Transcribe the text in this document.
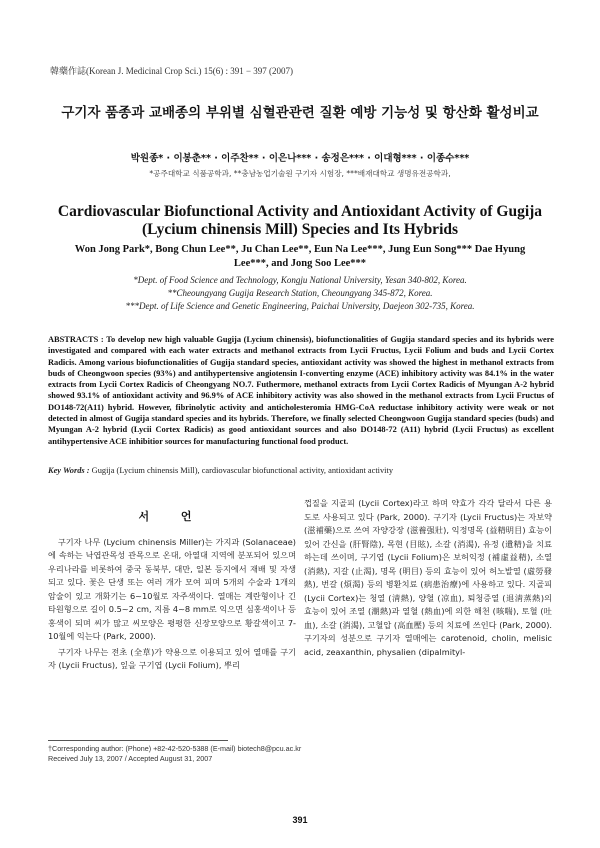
韓藥作誌(Korean J. Medicinal Crop Sci.) 15(6) : 391 − 397 (2007)
구기자 품종과 교배종의 부위별 심혈관관련 질환 예방 기능성 및 항산화 활성비교
박원종* · 이봉춘** · 이주찬** · 이은나*** · 송정은*** · 이대형*** · 이종수***
*공주대학교 식품공학과, **충남농업기술원 구기자 시험장, ***배재대학교 생명유전공학과,
Cardiovascular Biofunctional Activity and Antioxidant Activity of Gugija (Lycium chinensis Mill) Species and Its Hybrids
Won Jong Park*, Bong Chun Lee**, Ju Chan Lee**, Eun Na Lee***, Jung Eun Song*** Dae Hyung Lee***, and Jong Soo Lee***
*Dept. of Food Science and Technology, Kongju National University, Yesan 340-802, Korea.
**Cheoungyang Gugija Research Station, Cheoungyang 345-872, Korea.
***Dept. of Life Science and Genetic Engineering, Paichai University, Daejeon 302-735, Korea.
ABSTRACTS : To develop new high valuable Gugija (Lycium chinensis), biofunctionalities of Gugija standard species and its hybrids were investigated and compared with each water extracts and methanol extracts from Lycii Fructus, Lycii Folium and buds and Lycii Cortex Radicis. Among various biofunctionalities of Gugija standard species, antioxidant activity was showed the highest in methanol extracts from buds of Cheongwoon species (93%) and antihypertensive angiotensin I-converting enzyme (ACE) inhibitory activity was 84.1% in the water extracts from Lycii Cortex Radicis of Cheongyang NO.7. Futhermore, methanol extracts from Lycii Cortex Radicis of Myungan A-2 hybrid showed 93.1% of antioxidant activity and 96.9% of ACE inhibitory activity was also showed in the methanol extracts from Lycii Fructus of DO148-72(A11) hybrid. However, fibrinolytic activity and anticholesteromia HMG-CoA reductase inhibitory activity were weak or not detected in almost of Gugija standard species and its hybrids. Therefore, we finally selected Cheongwoon Gugija standard species (buds) and Myungan A-2 hybrid (Lycii Cortex Radicis) as good antioxidant sources and also DO148-72 (A11) hybrid (Lycii Fructus) as excellent antihypertensive ACE inhibitior sources for manufacturing functional food product.
Key Words : Gugija (Lycium chinensis Mill), cardiovascular biofunctional activity, antioxidant activity
서 언

구기자 나무 (Lycium chinensis Miller)는 가지과 (Solanaceae)에 속하는 낙엽관목성 관목으로 온대, 아열대 지역에 분포되어 있으며 우리나라를 비롯하여 중국 동북부, 대만, 일본 등지에서 재배 및 자생되고 있다. 꽃은 단생 또는 여러 개가 모여 피며 5개의 수술과 1개의 암술이 있고 개화기는 6~10월로 자주색이다. 열매는 계란형이나 긴 타원형으로 길이 0.5~2 cm, 지름 4~8 mm로 익으면 심홍색이나 등홍색이 되며 씨가 많고 씨모양은 평평한 신장모양으로 황갈색이고 7-10월에 익는다 (Park, 2000).

구기자 나무는 전초 (全草)가 약용으로 이용되고 있어 열매를 구기자 (Lycii Fructus), 잎을 구기엽 (Lycii Folium), 뿌리

껍질을 지골피 (Lycii Cortex)라고 하며 약효가 각각 달라서 다른 용도로 사용되고 있다 (Park, 2000). 구기자 (Lycii Fructus)는 자보약 (滋補藥)으로 쓰여 자양강장 (滋養强壯), 익정명목 (益精明目) 효능이 있어 간신을 (肝腎陰), 목현 (目眩), 소갈 (消渴), 유정 (遺精)을 치료하는데 쓰이며, 구기엽 (Lycii Folium)은 보허익정 (補虛益精), 소열 (消熱), 지갈 (止渴), 명목 (明目) 등의 효능이 있어 허노발열 (虛勞發熱), 번갈 (煩渴) 등의 병환치료 (病患治療)에 사용하고 있다. 지골피 (Lycii Cortex)는 청열 (淸熱), 양혈 (凉血), 퇴청증열 (退淸蒸熱)의 효능이 있어 조열 (潮熱)과 열혈 (熱血)에 의한 해천 (咳喘), 토혈 (吐血), 소갈 (消渴), 고혈압 (高血壓) 등의 치료에 쓰인다 (Park, 2000). 구기자의 성분으로 구기자 열매에는 carotenoid, cholin, melisic acid, zeaxanthin, physalien (dipalmityl-

†Corresponding author: (Phone) +82-42-520-5388 (E-mail) biotech8@pcu.ac.kr
Received July 13, 2007 / Accepted August 31, 2007
391
